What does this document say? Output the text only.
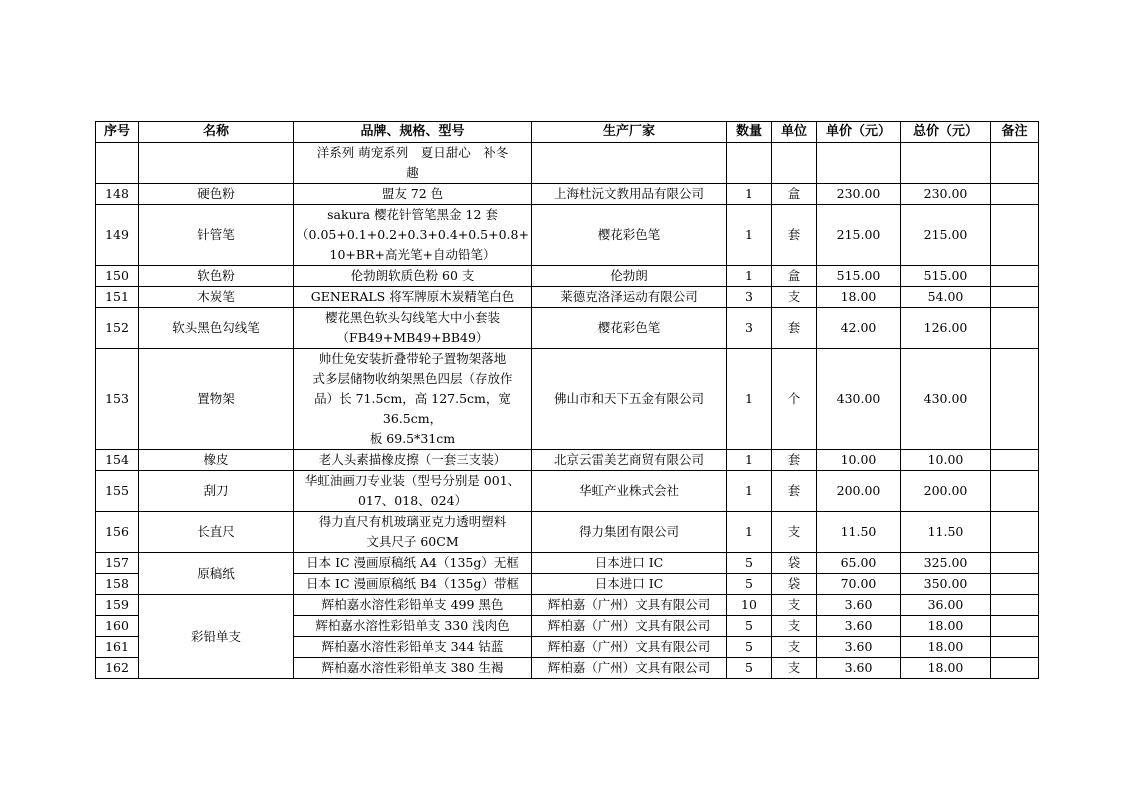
序号	名称	品牌、规格、型号	生产厂家	数量	单位	单价（元）	总价（元）	备注
		洋系列 萌宠系列　夏日甜心　补冬
趣						
148	硬色粉	盟友 72 色	上海杜沅文教用品有限公司	1	盒	230.00	230.00	
149	针管笔	sakura 樱花针管笔黑金 12 套
（0.05+0.1+0.2+0.3+0.4+0.5+0.8+
10+BR+高光笔+自动铅笔）	樱花彩色笔	1	套	215.00	215.00	
150	软色粉	伦勃朗软质色粉 60 支	伦勃朗	1	盒	515.00	515.00	
151	木炭笔	GENERALS 将军牌原木炭精笔白色	莱德克洛泽运动有限公司	3	支	18.00	54.00	
152	软头黑色勾线笔	樱花黑色软头勾线笔大中小套装
（FB49+MB49+BB49）	樱花彩色笔	3	套	42.00	126.00	
153	置物架	帅仕免安装折叠带轮子置物架落地
式多层储物收纳架黑色四层（存放作
品）长 71.5cm，高 127.5cm，宽 36.5cm，
板 69.5*31cm	佛山市和天下五金有限公司	1	个	430.00	430.00	
154	橡皮	老人头素描橡皮擦（一套三支装）	北京云雷美艺商贸有限公司	1	套	10.00	10.00	
155	刮刀	华虹油画刀专业装（型号分别是 001、
017、018、024）	华虹产业株式会社	1	套	200.00	200.00	
156	长直尺	得力直尺有机玻璃亚克力透明塑料
文具尺子 60CM	得力集团有限公司	1	支	11.50	11.50	
157	原稿纸	日本 IC 漫画原稿纸 A4（135g）无框	日本进口 IC	5	袋	65.00	325.00	
158		日本 IC 漫画原稿纸 B4（135g）带框	日本进口 IC	5	袋	70.00	350.00	
159	彩铅单支	辉柏嘉水溶性彩铅单支 499 黑色	辉柏嘉（广州）文具有限公司	10	支	3.60	36.00	
160		辉柏嘉水溶性彩铅单支 330 浅肉色	辉柏嘉（广州）文具有限公司	5	支	3.60	18.00	
161		辉柏嘉水溶性彩铅单支 344 钴蓝	辉柏嘉（广州）文具有限公司	5	支	3.60	18.00	
162		辉柏嘉水溶性彩铅单支 380 生褐	辉柏嘉（广州）文具有限公司	5	支	3.60	18.00	
